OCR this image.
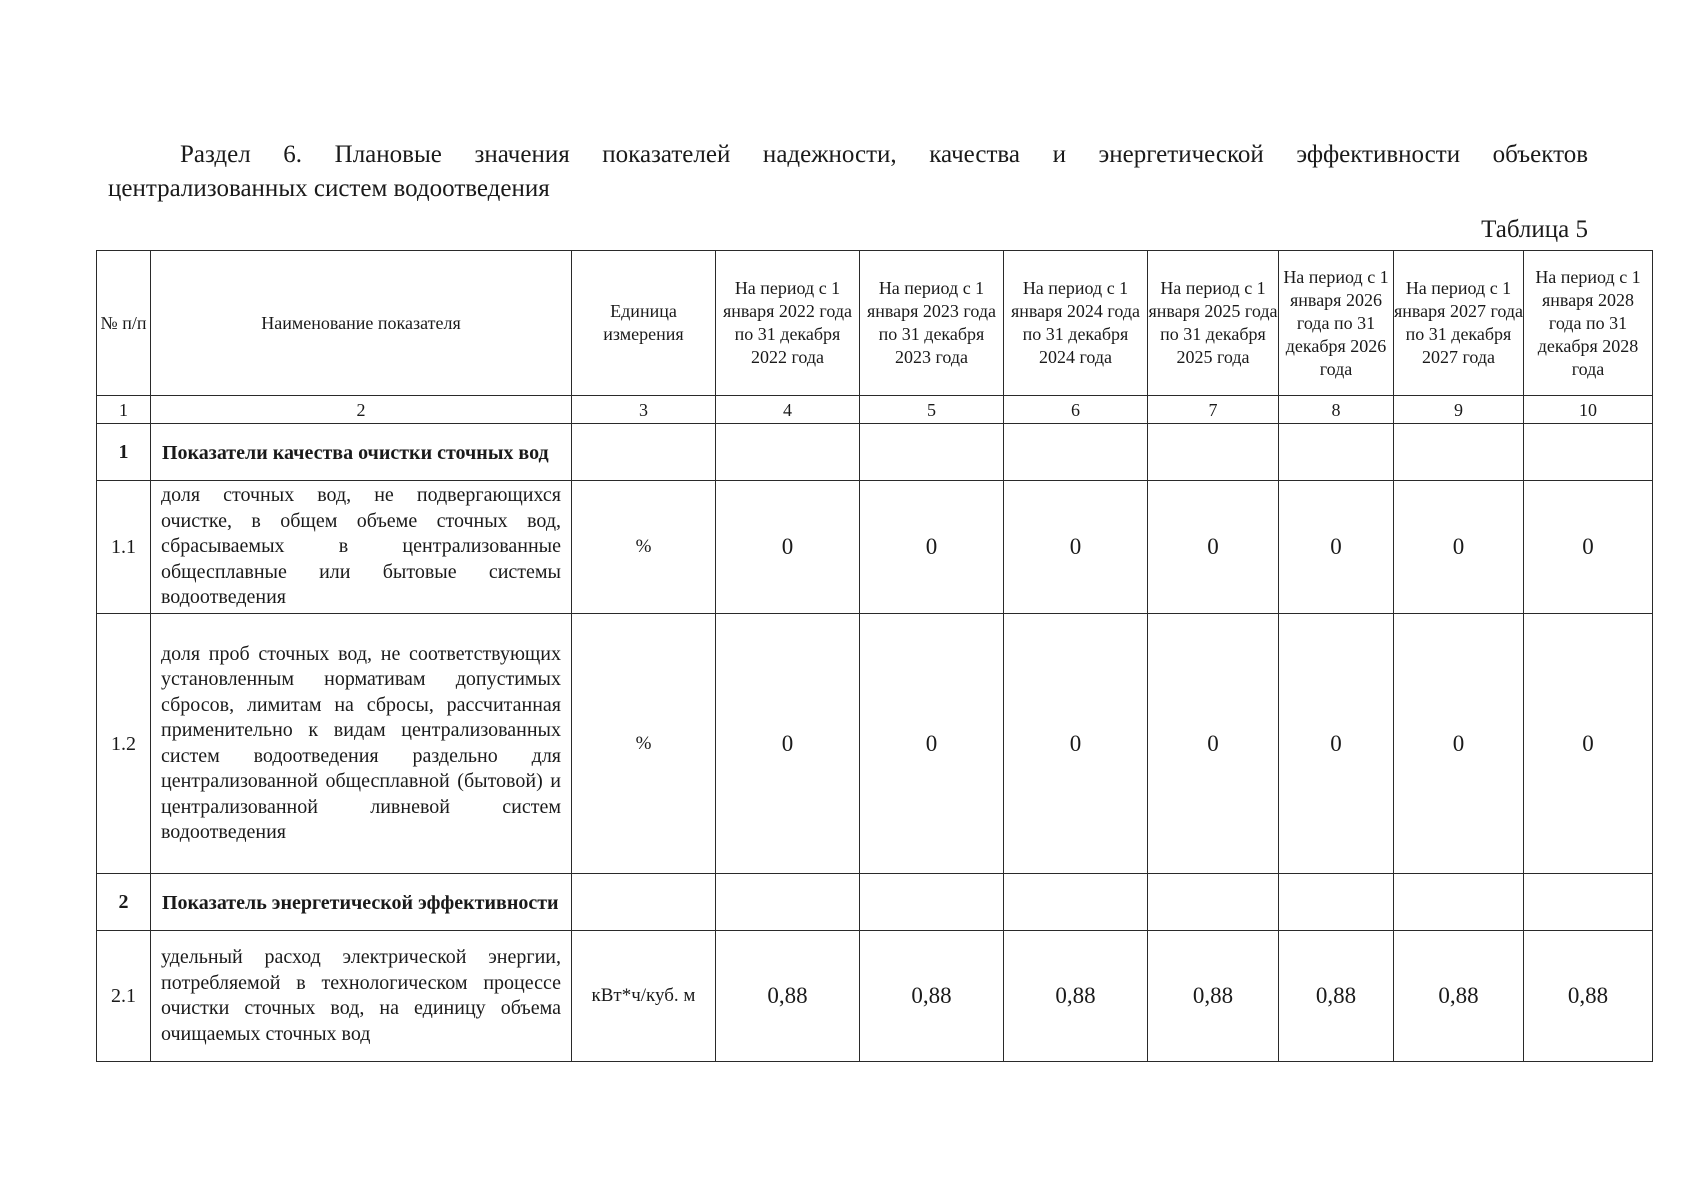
Раздел 6. Плановые значения показателей надежности, качества и энергетической эффективности объектов
централизованных систем водоотведения
Таблица 5
№ п/п	Наименование показателя	Единица измерения	На период с 1 января 2022 года по 31 декабря 2022 года	На период с 1 января 2023 года по 31 декабря 2023 года	На период с 1 января 2024 года по 31 декабря 2024 года	На период с 1 января 2025 года по 31 декабря 2025 года	На период с 1 января 2026 года по 31 декабря 2026 года	На период с 1 января 2027 года по 31 декабря 2027 года	На период с 1 января 2028 года по 31 декабря 2028 года
1	2	3	4	5	6	7	8	9	10
1	Показатели качества очистки сточных вод								
1.1	доля сточных вод, не подвергающихся очистке, в общем объеме сточных вод, сбрасываемых в централизованные общесплавные или бытовые системы водоотведения	%	0	0	0	0	0	0	0
1.2	доля проб сточных вод, не соответствующих установленным нормативам допустимых сбросов, лимитам на сбросы, рассчитанная применительно к видам централизованных систем водоотведения раздельно для централизованной общесплавной (бытовой) и централизованной ливневой систем водоотведения	%	0	0	0	0	0	0	0
2	Показатель энергетической эффективности								
2.1	удельный расход электрической энергии, потребляемой в технологическом процессе очистки сточных вод, на единицу объема очищаемых сточных вод	кВт*ч/куб. м	0,88	0,88	0,88	0,88	0,88	0,88	0,88
